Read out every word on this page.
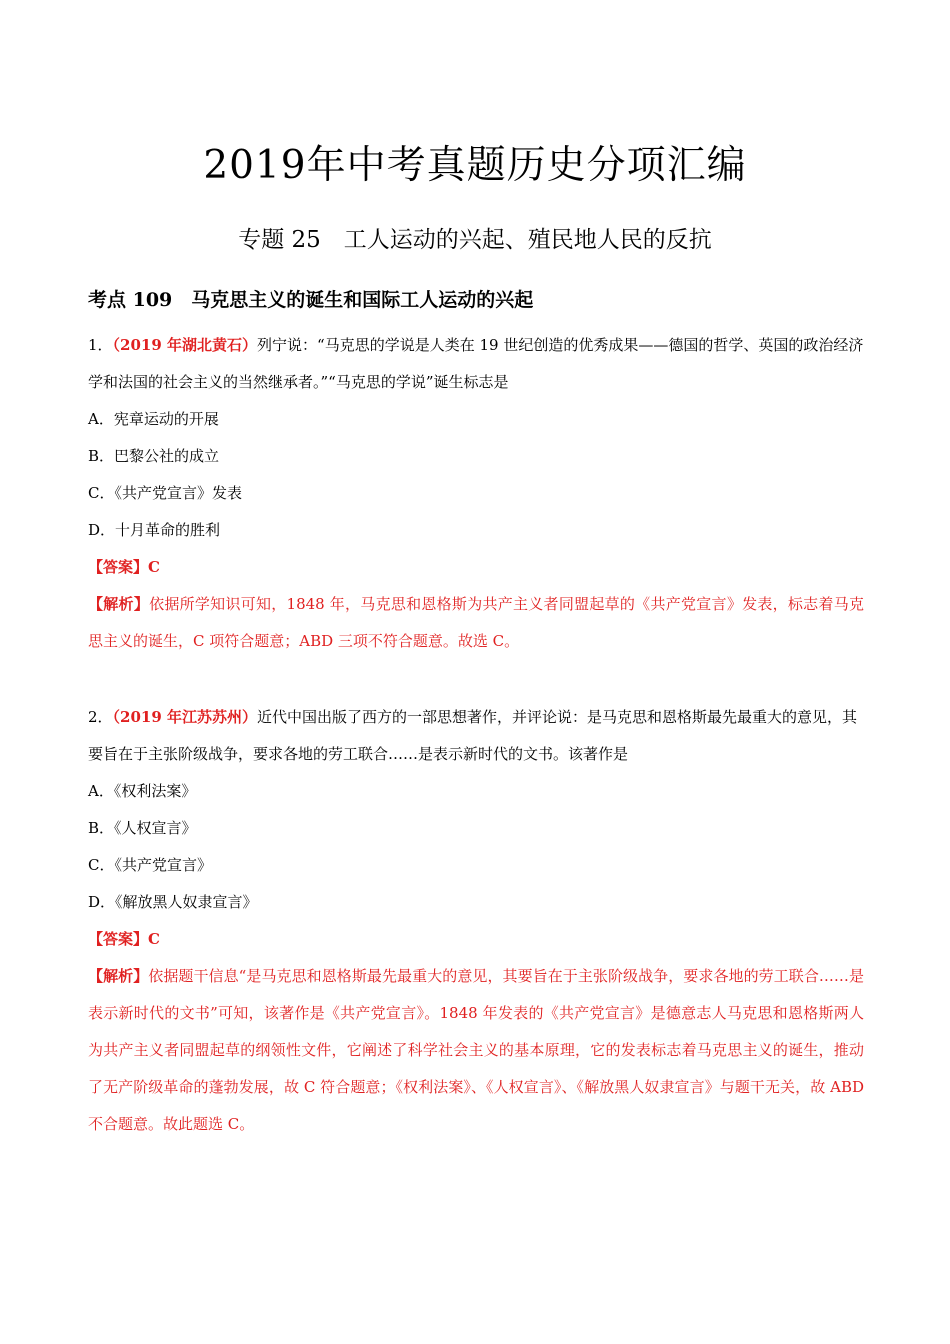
2019年中考真题历史分项汇编
专题 25　工人运动的兴起、殖民地人民的反抗
考点 109　马克思主义的诞生和国际工人运动的兴起
1．（2019 年湖北黄石）列宁说：“马克思的学说是人类在 19 世纪创造的优秀成果——德国的哲学、英国的政治经济学和法国的社会主义的当然继承者。”“马克思的学说”诞生标志是
A．宪章运动的开展
B．巴黎公社的成立
C．《共产党宣言》发表
D．十月革命的胜利
【答案】C
【解析】依据所学知识可知，1848 年，马克思和恩格斯为共产主义者同盟起草的《共产党宣言》发表，标志着马克思主义的诞生，C 项符合题意；ABD 三项不符合题意。故选 C。
2．（2019 年江苏苏州）近代中国出版了西方的一部思想著作，并评论说：是马克思和恩格斯最先最重大的意见，其要旨在于主张阶级战争，要求各地的劳工联合……是表示新时代的文书。该著作是
A．《权利法案》
B．《人权宣言》
C．《共产党宣言》
D．《解放黑人奴隶宣言》
【答案】C
【解析】依据题干信息“是马克思和恩格斯最先最重大的意见，其要旨在于主张阶级战争，要求各地的劳工联合……是表示新时代的文书”可知，该著作是《共产党宣言》。1848 年发表的《共产党宣言》是德意志人马克思和恩格斯两人为共产主义者同盟起草的纲领性文件，它阐述了科学社会主义的基本原理，它的发表标志着马克思主义的诞生，推动了无产阶级革命的蓬勃发展，故 C 符合题意；《权利法案》、《人权宣言》、《解放黑人奴隶宣言》与题干无关，故 ABD 不合题意。故此题选 C。
